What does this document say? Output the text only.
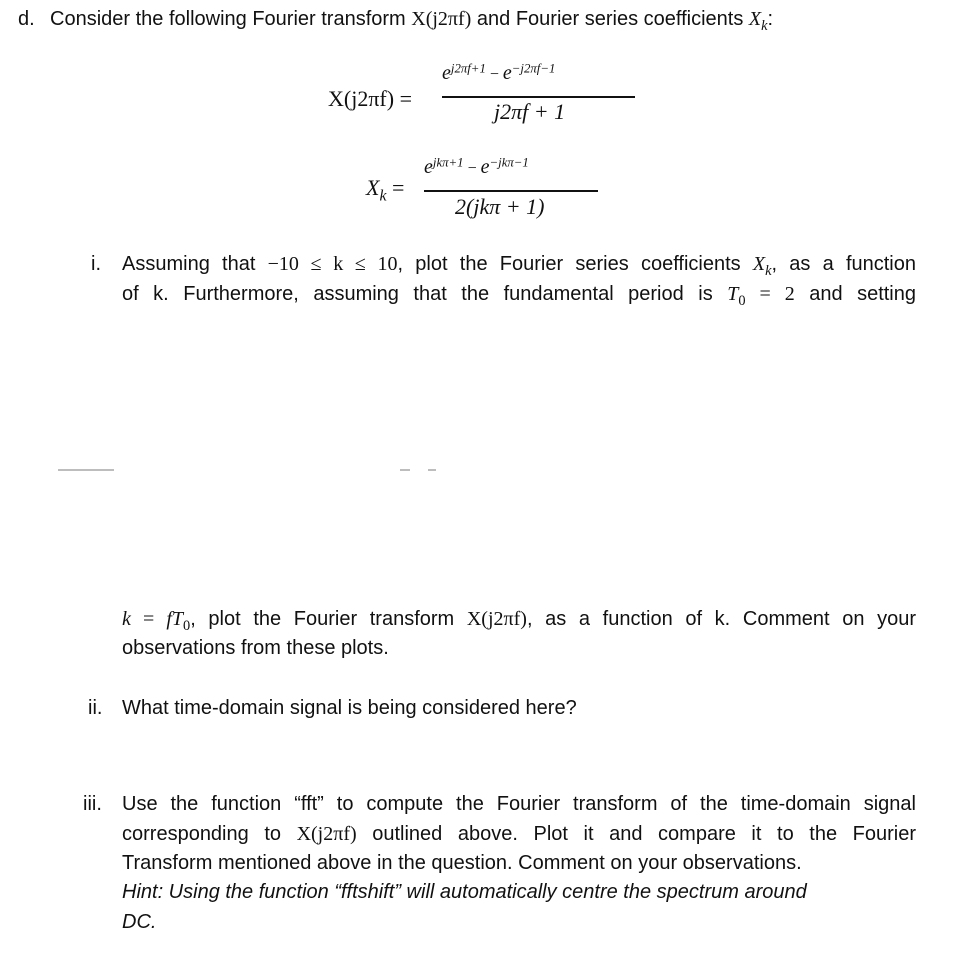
d. Consider the following Fourier transform X(j2πf) and Fourier series coefficients $X_k$:
X(j2πf) =
$e^{j2\pi f+1} - e^{-j2\pi f-1}$
j2πf + 1
$X_k$ =
$e^{jk\pi+1} - e^{-jk\pi-1}$
2(jkπ + 1)
i. Assuming that −10 ≤ k ≤ 10, plot the Fourier series coefficients $X_k$, as a function
of k. Furthermore, assuming that the fundamental period is $T_0 = 2$ and setting
$k = fT_0$, plot the Fourier transform X(j2πf), as a function of k. Comment on your
observations from these plots.
ii. What time-domain signal is being considered here?
iii. Use the function “fft” to compute the Fourier transform of the time-domain signal
corresponding to X(j2πf) outlined above. Plot it and compare it to the Fourier
Transform mentioned above in the question. Comment on your observations.
Hint: Using the function “fftshift” will automatically centre the spectrum around
DC.
